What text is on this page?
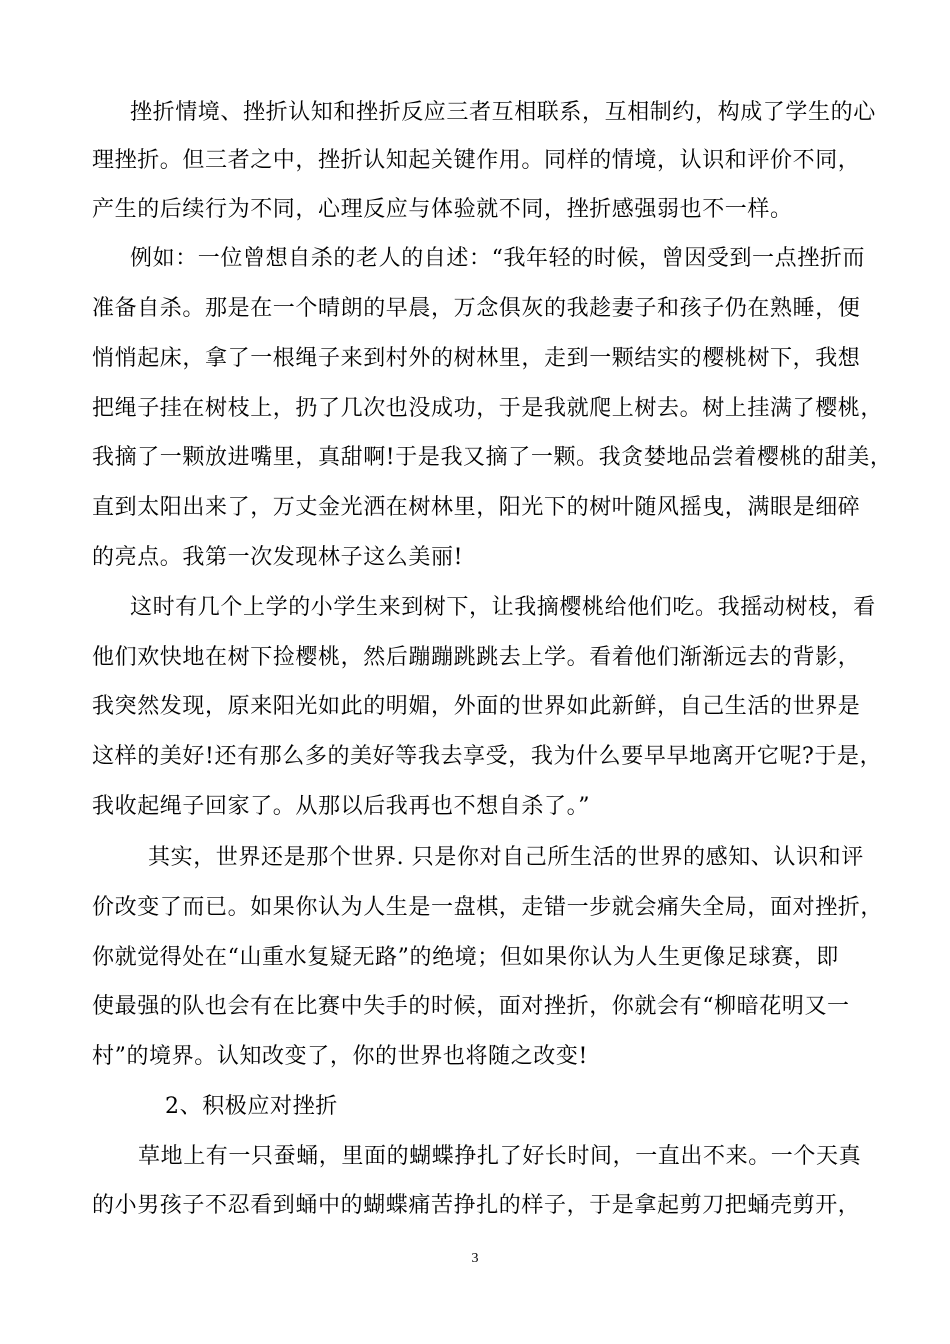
挫折情境、挫折认知和挫折反应三者互相联系，互相制约，构成了学生的心
理挫折。但三者之中，挫折认知起关键作用。同样的情境，认识和评价不同，
产生的后续行为不同，心理反应与体验就不同，挫折感强弱也不一样。
例如：一位曾想自杀的老人的自述：“我年轻的时候，曾因受到一点挫折而
准备自杀。那是在一个晴朗的早晨，万念俱灰的我趁妻子和孩子仍在熟睡，便
悄悄起床，拿了一根绳子来到村外的树林里，走到一颗结实的樱桃树下，我想
把绳子挂在树枝上，扔了几次也没成功，于是我就爬上树去。树上挂满了樱桃，
我摘了一颗放进嘴里，真甜啊!于是我又摘了一颗。我贪婪地品尝着樱桃的甜美，
直到太阳出来了，万丈金光洒在树林里，阳光下的树叶随风摇曳，满眼是细碎
的亮点。我第一次发现林子这么美丽!
这时有几个上学的小学生来到树下，让我摘樱桃给他们吃。我摇动树枝，看
他们欢快地在树下捡樱桃，然后蹦蹦跳跳去上学。看着他们渐渐远去的背影，
我突然发现，原来阳光如此的明媚，外面的世界如此新鲜，自己生活的世界是
这样的美好!还有那么多的美好等我去享受，我为什么要早早地离开它呢?于是，
我收起绳子回家了。从那以后我再也不想自杀了。”
其实，世界还是那个世界. 只是你对自己所生活的世界的感知、认识和评
价改变了而已。如果你认为人生是一盘棋，走错一步就会痛失全局，面对挫折，
你就觉得处在“山重水复疑无路”的绝境；但如果你认为人生更像足球赛，即
使最强的队也会有在比赛中失手的时候，面对挫折，你就会有“柳暗花明又一
村”的境界。认知改变了，你的世界也将随之改变!
2、积极应对挫折
草地上有一只蚕蛹，里面的蝴蝶挣扎了好长时间，一直出不来。一个天真
的小男孩子不忍看到蛹中的蝴蝶痛苦挣扎的样子，于是拿起剪刀把蛹壳剪开，
3
